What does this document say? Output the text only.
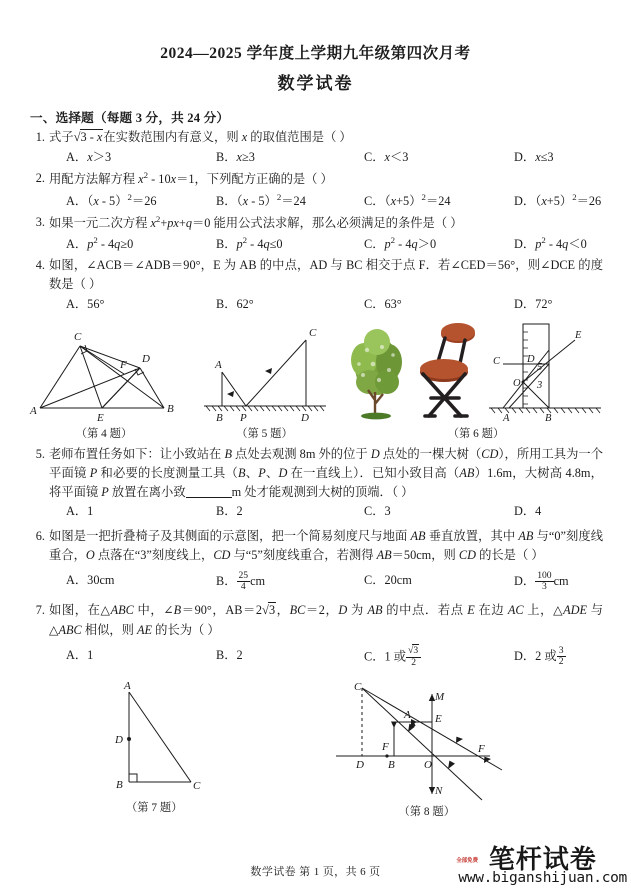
2024—2025 学年度上学期九年级第四次月考
数学试卷
一、选择题（每题 3 分，共 24 分）
1. 式子√3 - x在实数范围内有意义，则 x 的取值范围是（ ）
A．x＞3	B．x≥3	C．x＜3	D．x≤3
2. 用配方法解方程 $x^2 - 10x=1$，下列配方正确的是（ ）
A．（x - 5）$^2$＝26	B．（x - 5）$^2$＝24	C．$(x+5)^2=24$	D．$(x+5)^2=26$
3. 如果一元二次方程 $x^2+px+q=0$ 能用公式法求解，那么必须满足的条件是（ ）
A．$p^2 - 4q\ge 0$	B．$p^2 - 4q\le 0$	C．$p^2 - 4q>0$	D．$p^2 - 4q<0$
4. 如图，∠ACB＝∠ADB＝90°，E 为 AB 的中点，AD 与 BC 相交于点 F．若∠CED＝56°，则∠DCE 的度数是（ ）
A．56°	B．62°	C．63°	D．72°
A	B
C
D
E
F
（第 4 题）
A
B P	D
C
（第 5 题）
C	D
O
E
A	B
5
3
（第 6 题）
5. 老师布置任务如下：让小致站在 B 点处去观测 8m 外的位于 D 点处的一棵大树（CD），所用工具为一个平面镜 P 和必要的长度测量工具（B、P、D 在一直线上）．已知小致目高（AB）1.6m，大树高 4.8m，将平面镜 P 放置在离小致	m 处才能观测到大树的顶端．（ ）
A．1	B．2	C．3	D．4
6. 如图是一把折叠椅子及其侧面的示意图，把一个简易刻度尺与地面 AB 垂直放置，其中 AB 与“0”刻度线重合，O 点落在“3”刻度线上，CD 与“5”刻度线重合，若测得 AB＝50cm，则 CD 的长是（ ）
A．30cm	B． $\frac{25}{4}$ cm	C．20cm	D． $\frac{100}{3}$ cm
7. 如图，在△ABC 中，∠B＝90°，AB＝2√3，BC＝2，D 为 AB 的中点．若点 E 在边 AC 上，△ADE 与△ABC 相似，则 AE 的长为（ ）
A．1	B．2	C．1 或 $\frac{√3}{2}$	D．2 或 $\frac{3}{2}$
A
D
B	C
（第 7 题）
C
D
F
B	O
A E
M
N
F
（第 8 题）
数学试卷 第 1 页，共 6 页
全部免费 笔杆试卷
www.biganshijuan.com
